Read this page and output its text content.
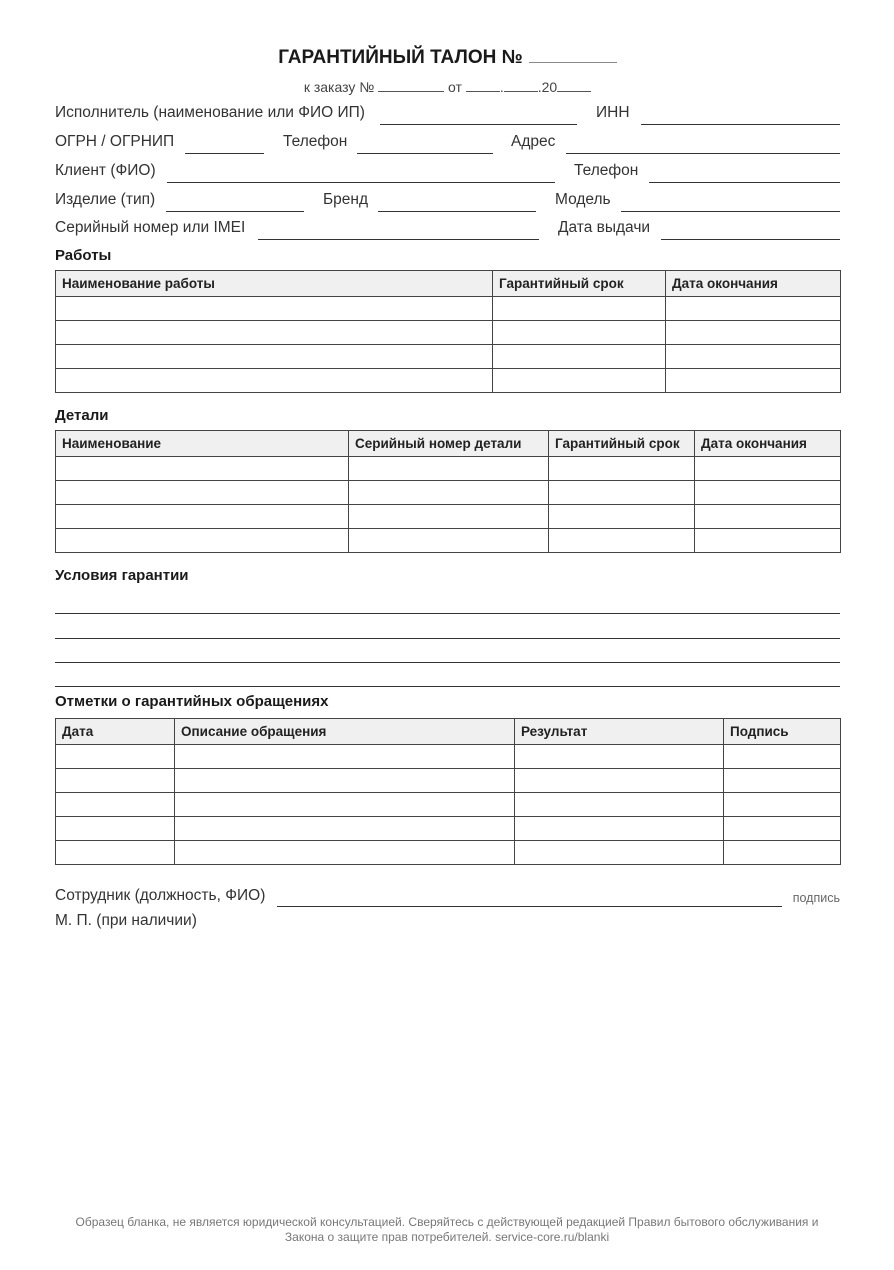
ГАРАНТИЙНЫЙ ТАЛОН №
к заказу №	от	. .20
Исполнитель (наименование или ФИО ИП)	ИНН
ОГРН / ОГРНИП	Телефон	Адрес
Клиент (ФИО)	Телефон
Изделие (тип)	Бренд	Модель
Серийный номер или IMEI	Дата выдачи
Работы
Наименование работы	Гарантийный срок	Дата окончания

Детали
Наименование	Серийный номер детали	Гарантийный срок	Дата окончания

Условия гарантии
Отметки о гарантийных обращениях
Дата	Описание обращения	Результат	Подпись

Сотрудник (должность, ФИО)	подпись
М. П. (при наличии)
Образец бланка, не является юридической консультацией. Сверяйтесь с действующей редакцией Правил бытового обслуживания и
Закона о защите прав потребителей. service-core.ru/blanki
